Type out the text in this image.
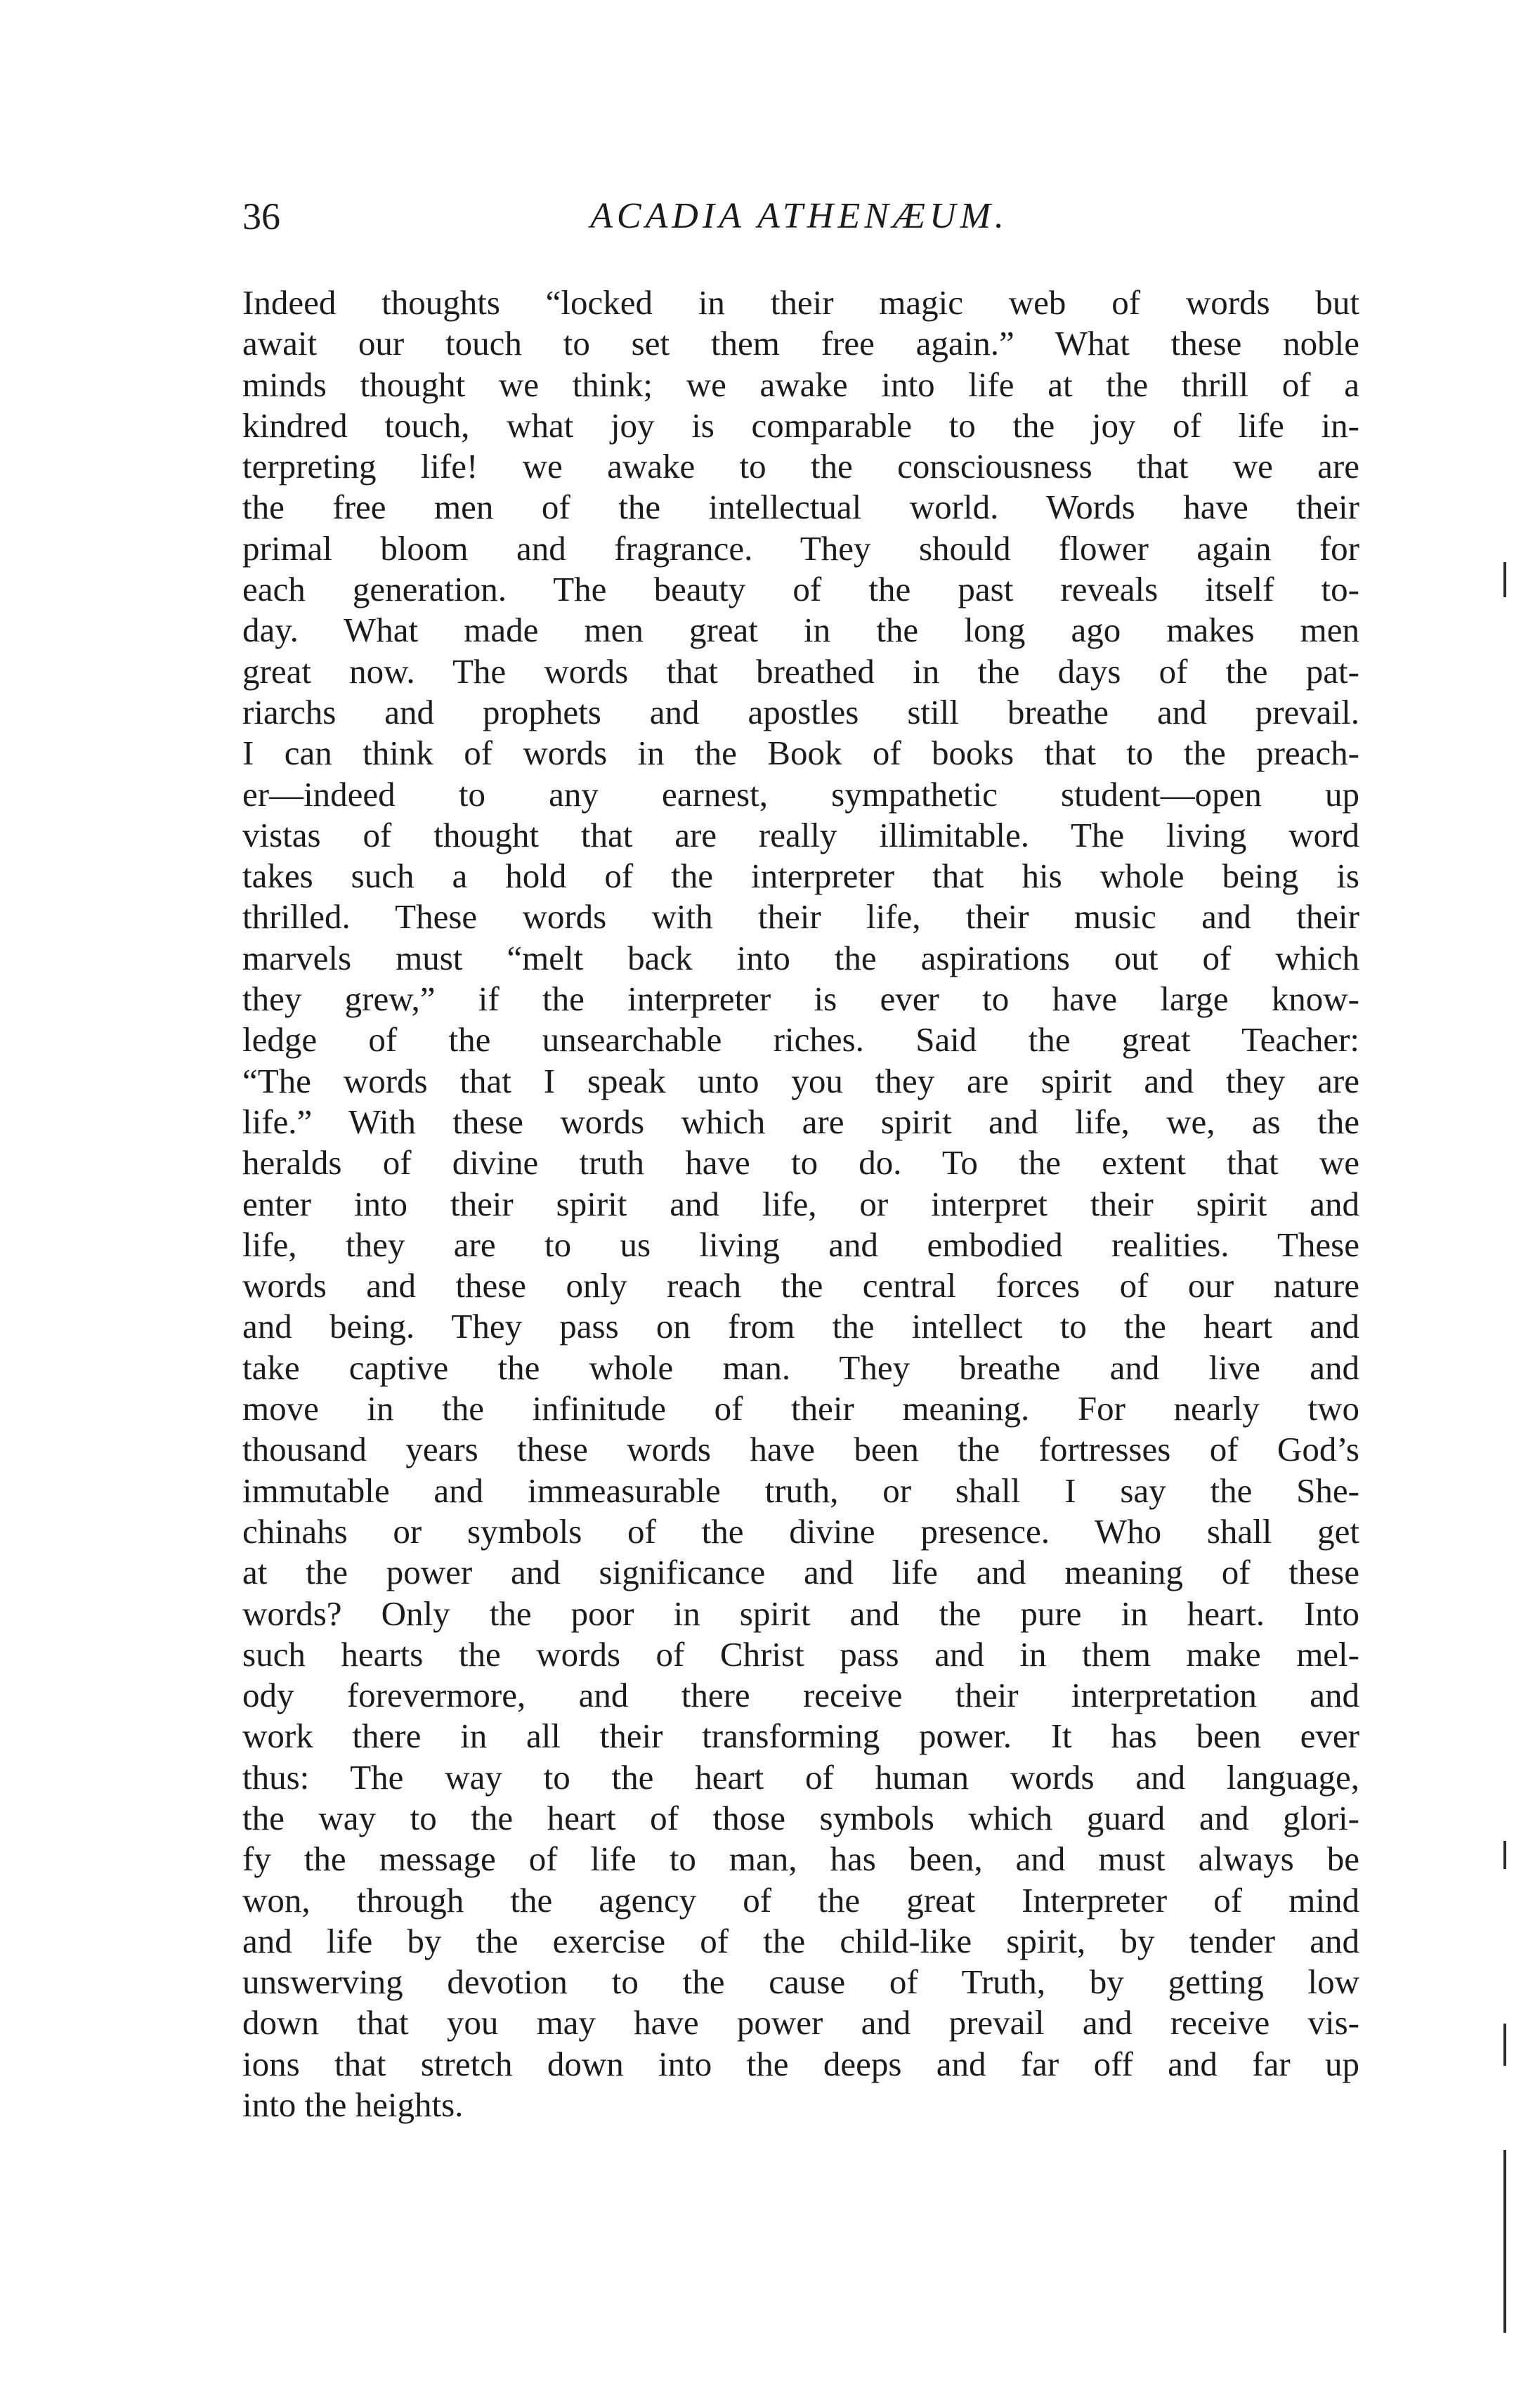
36	ACADIA ATHENÆUM.
Indeed thoughts “locked in their magic web of words but
await our touch to set them free again.” What these noble
minds thought we think; we awake into life at the thrill of a
kindred touch, what joy is comparable to the joy of life in-
terpreting life! we awake to the consciousness that we are
the free men of the intellectual world. Words have their
primal bloom and fragrance. They should flower again for
each generation. The beauty of the past reveals itself to-
day. What made men great in the long ago makes men
great now. The words that breathed in the days of the pat-
riarchs and prophets and apostles still breathe and prevail.
I can think of words in the Book of books that to the preach-
er—indeed to any earnest, sympathetic student—open up
vistas of thought that are really illimitable. The living word
takes such a hold of the interpreter that his whole being is
thrilled. These words with their life, their music and their
marvels must “melt back into the aspirations out of which
they grew,” if the interpreter is ever to have large know-
ledge of the unsearchable riches. Said the great Teacher:
“The words that I speak unto you they are spirit and they are
life.” With these words which are spirit and life, we, as the
heralds of divine truth have to do. To the extent that we
enter into their spirit and life, or interpret their spirit and
life, they are to us living and embodied realities. These
words and these only reach the central forces of our nature
and being. They pass on from the intellect to the heart and
take captive the whole man. They breathe and live and
move in the infinitude of their meaning. For nearly two
thousand years these words have been the fortresses of God’s
immutable and immeasurable truth, or shall I say the She-
chinahs or symbols of the divine presence. Who shall get
at the power and significance and life and meaning of these
words? Only the poor in spirit and the pure in heart. Into
such hearts the words of Christ pass and in them make mel-
ody forevermore, and there receive their interpretation and
work there in all their transforming power. It has been ever
thus: The way to the heart of human words and language,
the way to the heart of those symbols which guard and glori-
fy the message of life to man, has been, and must always be
won, through the agency of the great Interpreter of mind
and life by the exercise of the child-like spirit, by tender and
unswerving devotion to the cause of Truth, by getting low
down that you may have power and prevail and receive vis-
ions that stretch down into the deeps and far off and far up
into the heights.
